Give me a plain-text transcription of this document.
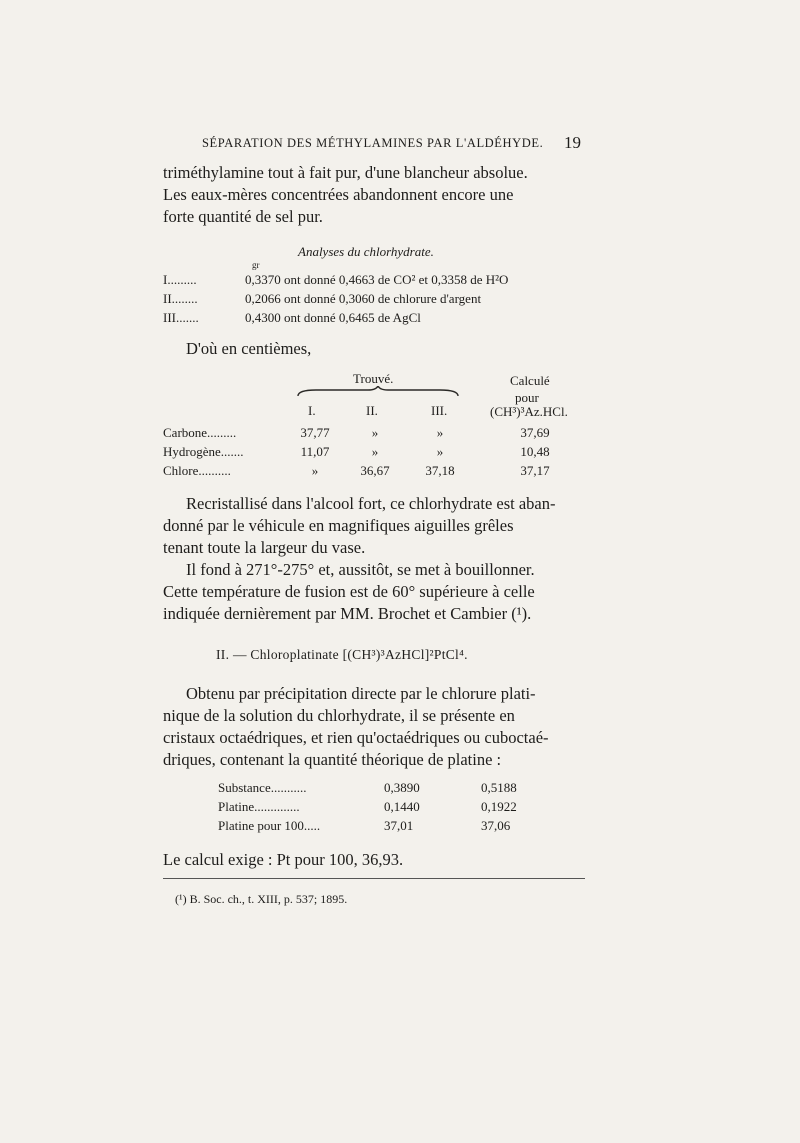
SÉPARATION DES MÉTHYLAMINES PAR L'ALDÉHYDE. 19
triméthylamine tout à fait pur, d'une blancheur absolue.
Les eaux-mères concentrées abandonnent encore une
forte quantité de sel pur.
Analyses du chlorhydrate.
gr
I.........	0,3370 ont donné 0,4663 de CO² et 0,3358 de H²O
II........	0,2066 ont donné 0,3060 de chlorure d'argent
III.......	0,4300 ont donné 0,6465 de AgCl
D'où en centièmes,
Trouvé.	Calculé
pour
(CH³)³Az.HCl.
I.	II.	III.
Carbone.........	37,77	»	»	37,69
Hydrogène.......	11,07	»	»	10,48
Chlore..........	»	36,67	37,18	37,17
Recristallisé dans l'alcool fort, ce chlorhydrate est aban-
donné par le véhicule en magnifiques aiguilles grêles
tenant toute la largeur du vase.
Il fond à 271°-275° et, aussitôt, se met à bouillonner.
Cette température de fusion est de 60° supérieure à celle
indiquée dernièrement par MM. Brochet et Cambier (¹).
II. — Chloroplatinate [(CH³)³AzHCl]²PtCl⁴.
Obtenu par précipitation directe par le chlorure plati-
nique de la solution du chlorhydrate, il se présente en
cristaux octaédriques, et rien qu'octaédriques ou cuboctaé-
driques, contenant la quantité théorique de platine :
Substance...........	0,3890	0,5188
Platine..............	0,1440	0,1922
Platine pour 100.....	37,01	37,06
Le calcul exige : Pt pour 100, 36,93.
(¹) B. Soc. ch., t. XIII, p. 537; 1895.
